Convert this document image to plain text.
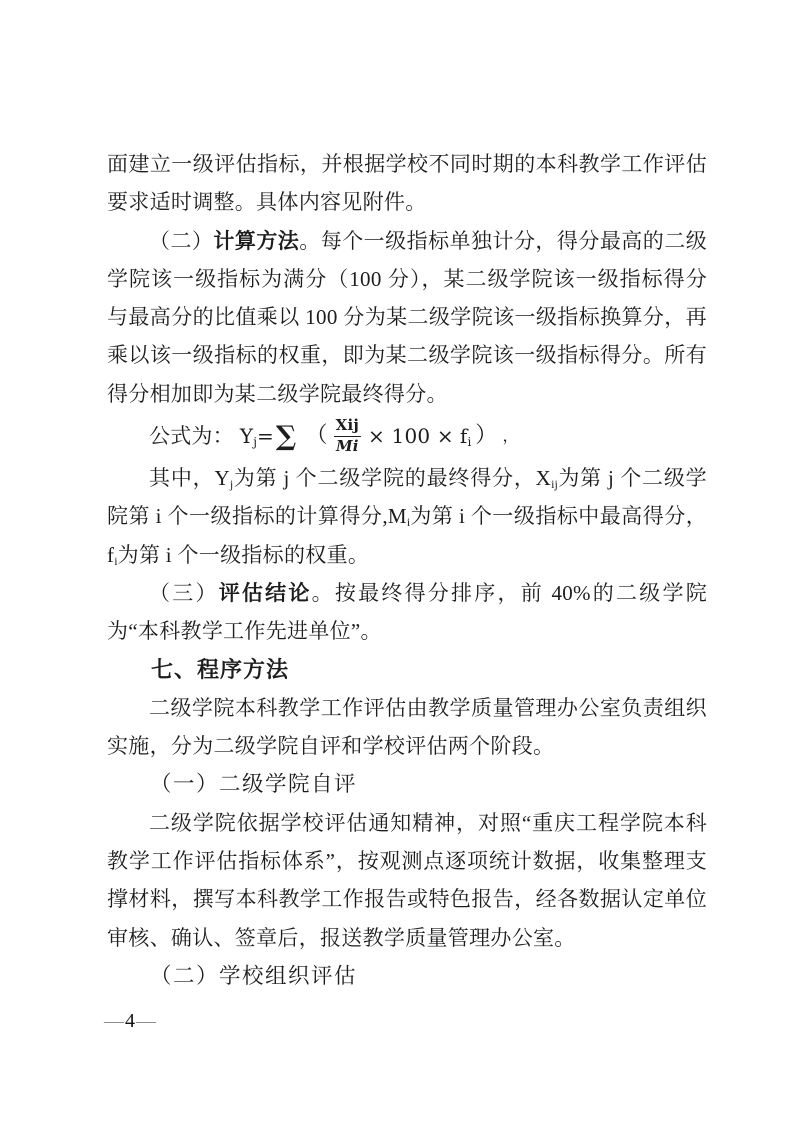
面建立一级评估指标，并根据学校不同时期的本科教学工作评估要求适时调整。具体内容见附件。

（二）计算方法。每个一级指标单独计分，得分最高的二级学院该一级指标为满分（100 分），某二级学院该一级指标得分与最高分的比值乘以 100 分为某二级学院该一级指标换算分，再乘以该一级指标的权重，即为某二级学院该一级指标得分。所有得分相加即为某二级学院最终得分。

公式为： $Y_j=$ ∑ （ $\frac{\text{Xij}}{Mi} \times 100 \times f_i$ ） ，

其中，$Y_j$为第 j 个二级学院的最终得分，$X_{ij}$为第 j 个二级学院第 i 个一级指标的计算得分$,M_i$为第 i 个一级指标中最高得分，$f_i$为第 i 个一级指标的权重。

（三）评估结论。按最终得分排序，前 40%的二级学院为“本科教学工作先进单位”。

七、程序方法

二级学院本科教学工作评估由教学质量管理办公室负责组织实施，分为二级学院自评和学校评估两个阶段。

（一）二级学院自评

二级学院依据学校评估通知精神，对照“重庆工程学院本科教学工作评估指标体系”，按观测点逐项统计数据，收集整理支撑材料，撰写本科教学工作报告或特色报告，经各数据认定单位审核、确认、签章后，报送教学质量管理办公室。

（二）学校组织评估
— 4 —
